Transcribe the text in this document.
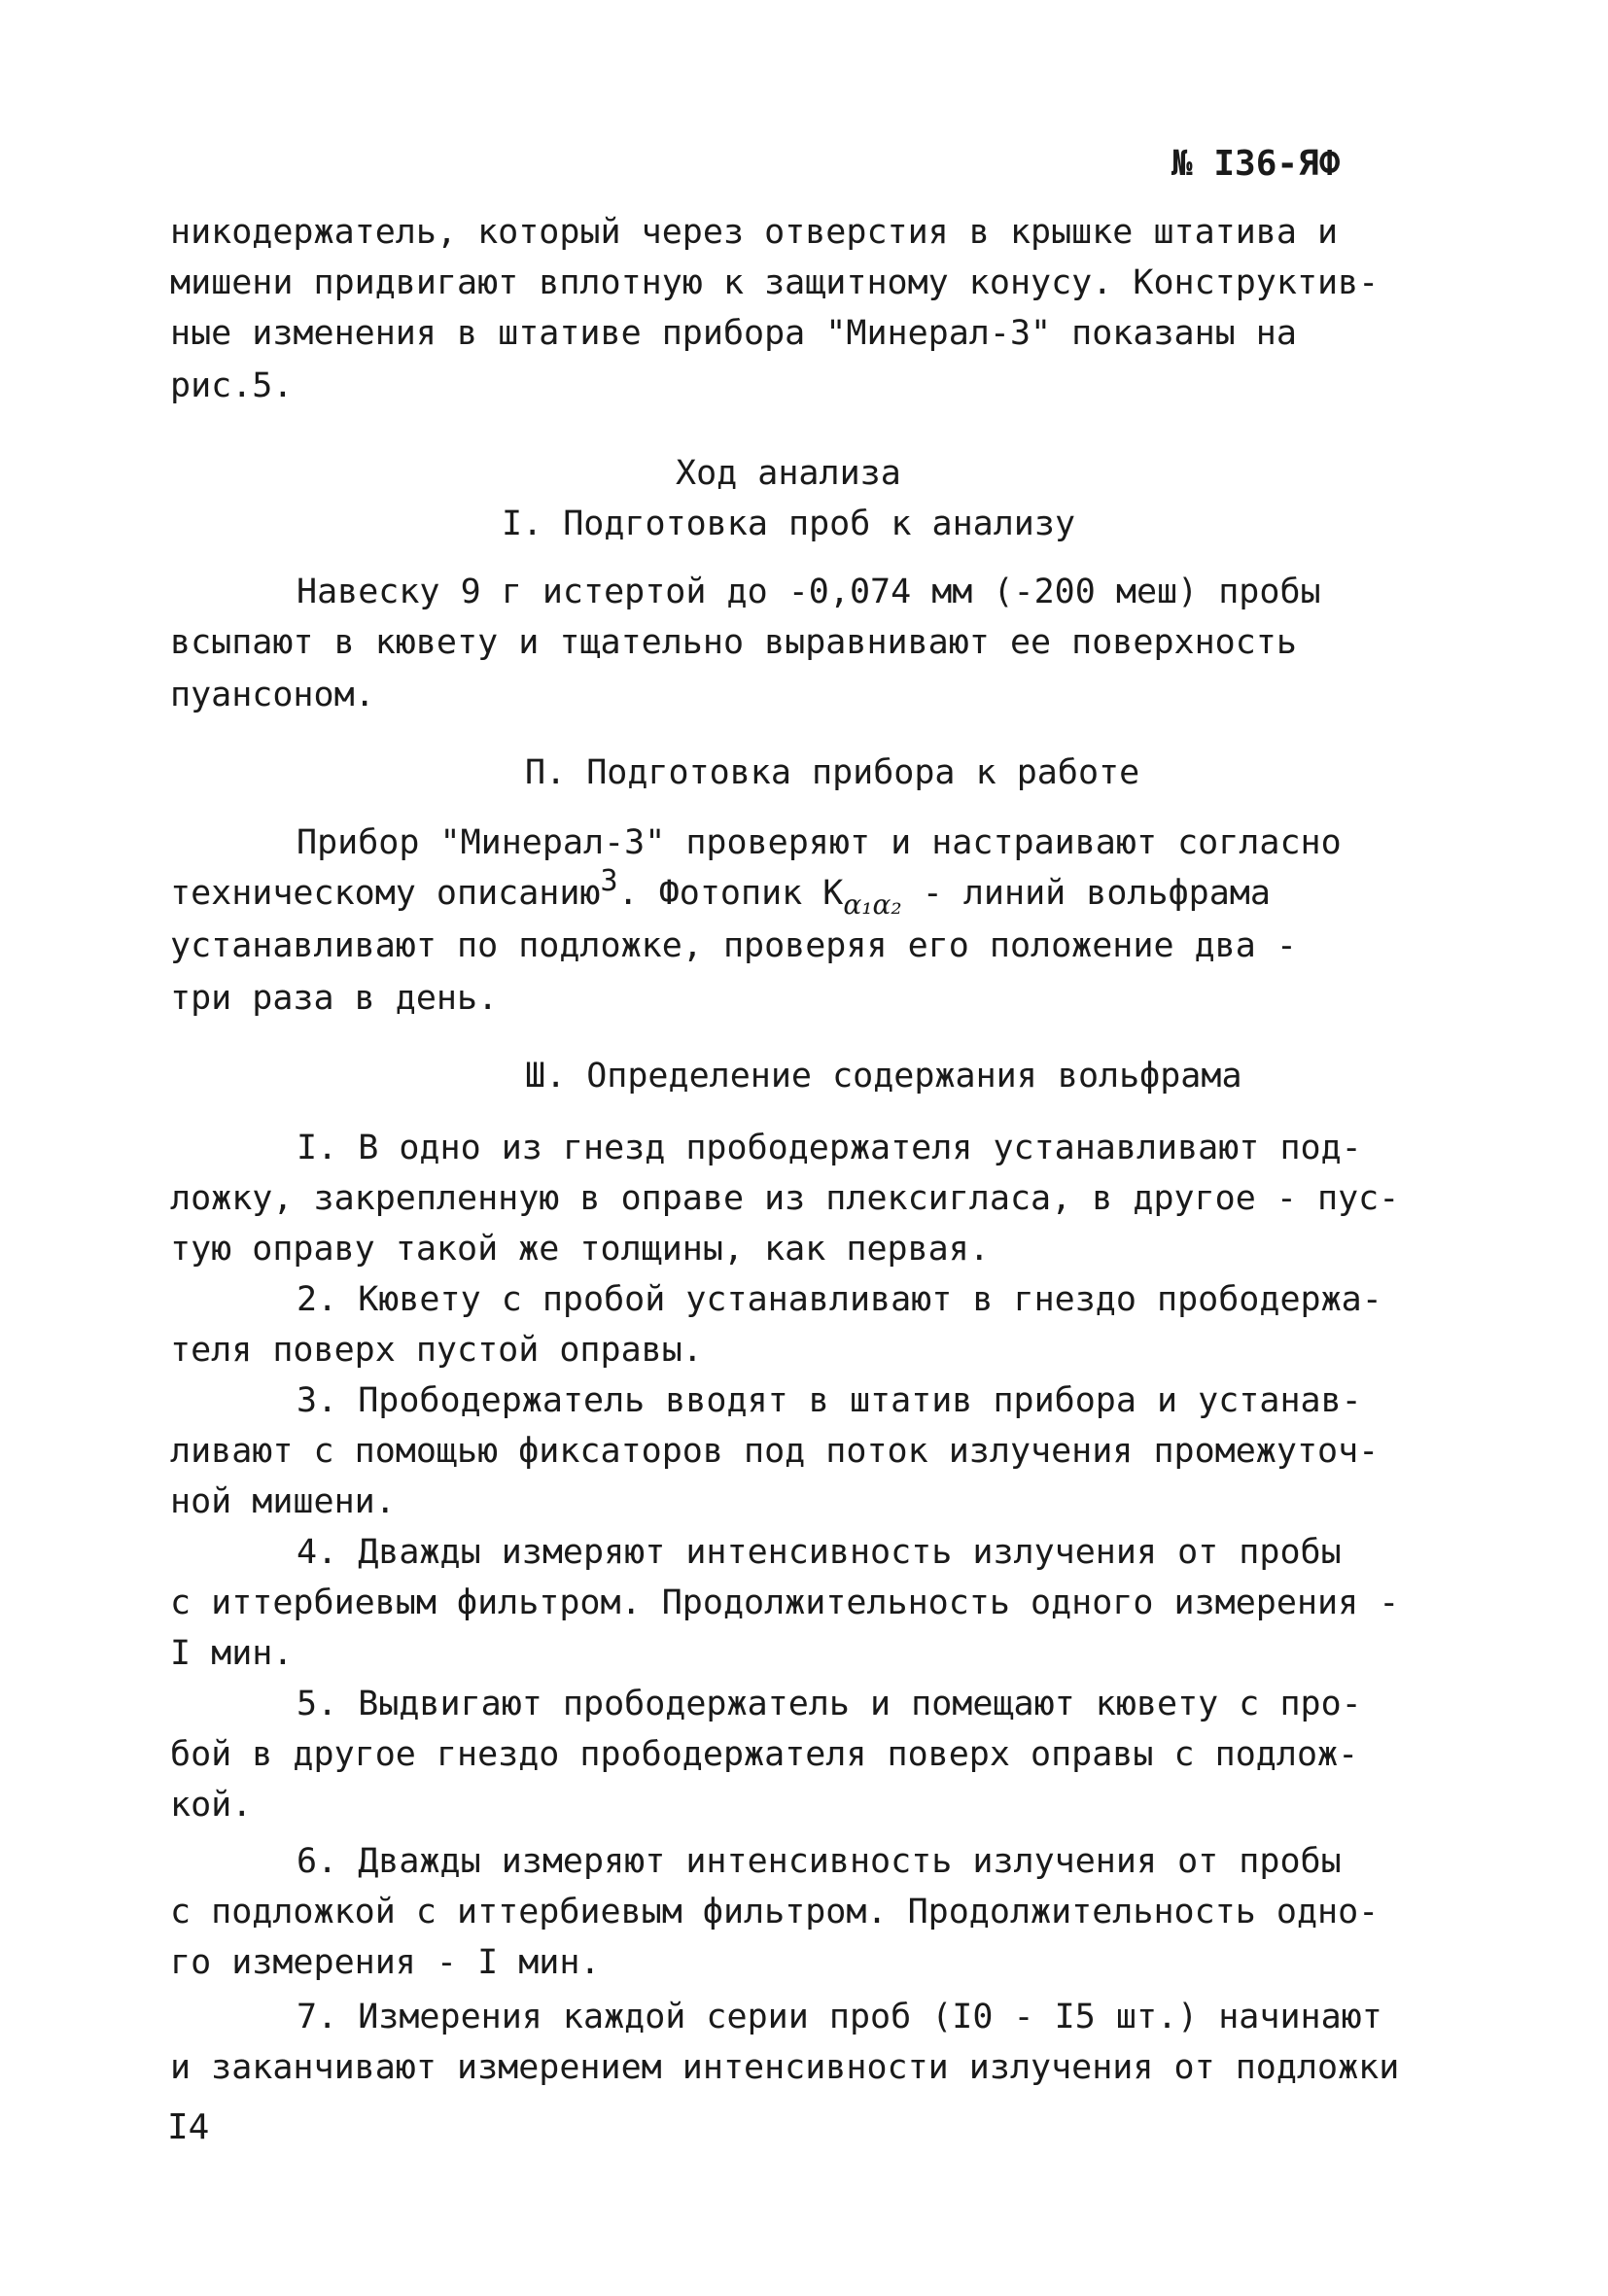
№ I36-ЯФ
никодержатель, который через отверстия в крышке штатива и
мишени придвигают вплотную к защитному конусу. Конструктив-
ные изменения в штативе прибора "Минерал-3" показаны на
рис.5.
Ход анализа
I. Подготовка проб к анализу
Навеску 9 г истертой до -0,074 мм (-200 меш) пробы
всыпают в кювету и тщательно выравнивают ее поверхность
пуансоном.
П. Подготовка прибора к работе
Прибор "Минерал-3" проверяют и настраивают согласно
техническому описанию3. Фотопик $K_{\alpha_1\alpha_2}$ - линий вольфрама
устанавливают по подложке, проверяя его положение два -
три раза в день.
Ш. Определение содержания вольфрама
I. В одно из гнезд прободержателя устанавливают под-
ложку, закрепленную в оправе из плексигласа, в другое - пус-
тую оправу такой же толщины, как первая.
2. Кювету с пробой устанавливают в гнездо прободержа-
теля поверх пустой оправы.
3. Прободержатель вводят в штатив прибора и устанав-
ливают с помощью фиксаторов под поток излучения промежуточ-
ной мишени.
4. Дважды измеряют интенсивность излучения от пробы
с иттербиевым фильтром. Продолжительность одного измерения -
I мин.
5. Выдвигают прободержатель и помещают кювету с про-
бой в другое гнездо прободержателя поверх оправы с подлож-
кой.
6. Дважды измеряют интенсивность излучения от пробы
с подложкой с иттербиевым фильтром. Продолжительность одно-
го измерения - I мин.
7. Измерения каждой серии проб (I0 - I5 шт.) начинают
и заканчивают измерением интенсивности излучения от подложки
I4
